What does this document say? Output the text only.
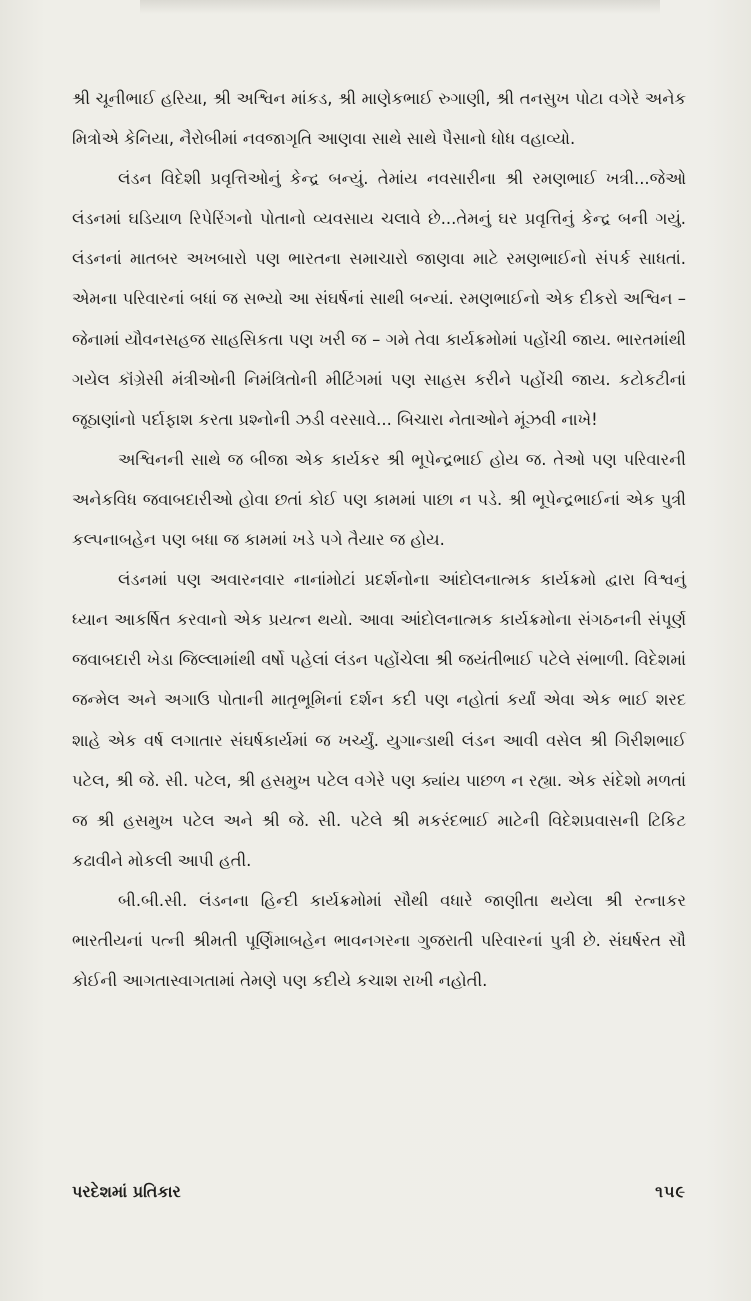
શ્રી ચૂનીભાઈ હરિયા, શ્રી અશ્વિન માંકડ, શ્રી માણેકભાઈ રુગાણી, શ્રી તનસુખ પોટા વગેરે અનેક મિત્રોએ કેનિયા, નૈરોબીમાં નવજાગૃતિ આણવા સાથે સાથે પૈસાનો ધોધ વહાવ્યો.

લંડન વિદેશી પ્રવૃત્તિઓનું કેન્દ્ર બન્યું. તેમાંય નવસારીના શ્રી રમણભાઈ ખત્રી...જેઓ લંડનમાં ઘડિયાળ રિપેરિંગનો પોતાનો વ્યવસાય ચલાવે છે...તેમનું ઘર પ્રવૃત્તિનું કેન્દ્ર બની ગયું. લંડનનાં માતબર અખબારો પણ ભારતના સમાચારો જાણવા માટે રમણભાઈનો સંપર્ક સાધતાં. એમના પરિવારનાં બધાં જ સભ્યો આ સંઘર્ષનાં સાથી બન્યાં. રમણભાઈનો એક દીકરો અશ્વિન – જેનામાં યૌવનસહજ સાહસિકતા પણ ખરી જ – ગમે તેવા કાર્યક્રમોમાં પહોંચી જાય. ભારતમાંથી ગયેલ કૉંગ્રેસી મંત્રીઓની નિમંત્રિતોની મીટિંગમાં પણ સાહસ કરીને પહોંચી જાય. કટોકટીનાં જૂઠાણાંનો પર્દાફાશ કરતા પ્રશ્નોની ઝડી વરસાવે... બિચારા નેતાઓને મૂંઝવી નાખે!

અશ્વિનની સાથે જ બીજા એક કાર્યકર શ્રી ભૂપેન્દ્રભાઈ હોય જ. તેઓ પણ પરિવારની અનેકવિધ જવાબદારીઓ હોવા છતાં કોઈ પણ કામમાં પાછા ન પડે. શ્રી ભૂપેન્દ્રભાઈનાં એક પુત્રી કલ્પનાબહેન પણ બધા જ કામમાં ખડે પગે તૈયાર જ હોય.

લંડનમાં પણ અવારનવાર નાનાંમોટાં પ્રદર્શનોના આંદોલનાત્મક કાર્યક્રમો દ્વારા વિશ્વનું ધ્યાન આકર્ષિત કરવાનો એક પ્રયત્ન થયો. આવા આંદોલનાત્મક કાર્યક્રમોના સંગઠનની સંપૂર્ણ જવાબદારી ખેડા જિલ્લામાંથી વર્ષો પહેલાં લંડન પહોંચેલા શ્રી જયંતીભાઈ પટેલે સંભાળી. વિદેશમાં જન્મેલ અને અગાઉ પોતાની માતૃભૂમિનાં દર્શન કદી પણ નહોતાં કર્યાં એવા એક ભાઈ શરદ શાહે એક વર્ષ લગાતાર સંઘર્ષકાર્યમાં જ ખર્ચ્યું. યુગાન્ડાથી લંડન આવી વસેલ શ્રી ગિરીશભાઈ પટેલ, શ્રી જે. સી. પટેલ, શ્રી હસમુખ પટેલ વગેરે પણ ક્યાંય પાછળ ન રહ્યા. એક સંદેશો મળતાં જ શ્રી હસમુખ પટેલ અને શ્રી જે. સી. પટેલે શ્રી મકરંદભાઈ માટેની વિદેશપ્રવાસની ટિકિટ કઢાવીને મોકલી આપી હતી.

બી.બી.સી. લંડનના હિન્દી કાર્યક્રમોમાં સૌથી વધારે જાણીતા થયેલા શ્રી રત્નાકર ભારતીયનાં પત્ની શ્રીમતી પૂર્ણિમાબહેન ભાવનગરના ગુજરાતી પરિવારનાં પુત્રી છે. સંઘર્ષરત સૌ કોઈની આગતાસ્વાગતામાં તેમણે પણ કદીયે કચાશ રાખી નહોતી.

પરદેશમાં પ્રતિકાર	૧૫૯
